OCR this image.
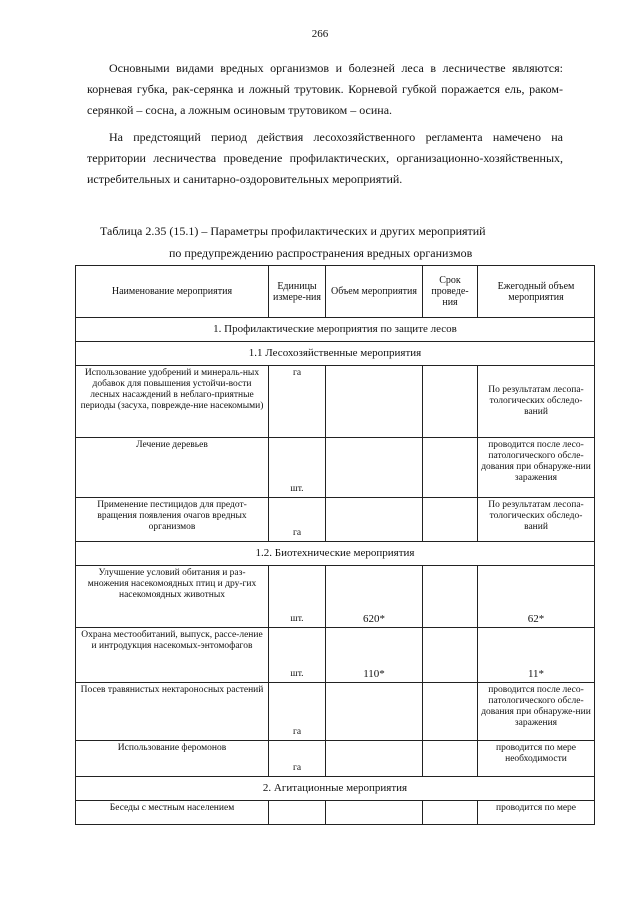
266

Основными видами вредных организмов и болезней леса в лесничестве являются: корневая губка, рак-серянка и ложный трутовик. Корневой губкой поражается ель, раком-серянкой – сосна, а ложным осиновым трутовиком – осина.

На предстоящий период действия лесохозяйственного регламента намечено на территории лесничества проведение профилактических, организационно-хозяйственных, истребительных и санитарно-оздоровительных мероприятий.

Таблица 2.35 (15.1) – Параметры профилактических и других мероприятий

по предупреждению распространения вредных организмов

Наименование мероприятия	Единицы измере-ния	Объем мероприятия	Срок проведе-ния	Ежегодный объем мероприятия
1. Профилактические мероприятия по защите лесов				
1.1 Лесохозяйственные мероприятия				
Использование удобрений и минераль-ных добавок для повышения устойчи-вости лесных насаждений в неблаго-приятные периоды (засуха, поврежде-ние насекомыми)	га			По результатам лесопа-тологических обследо-ваний
Лечение деревьев	шт.			проводится после лесо-патологического обсле-дования при обнаруже-нии заражения
Применение пестицидов для предот-вращения появления очагов вредных организмов	га			По результатам лесопа-тологических обследо-ваний
1.2. Биотехнические мероприятия				
Улучшение условий обитания и раз-множения насекомоядных птиц и дру-гих насекомоядных животных	шт.	620*		62*
Охрана местообитаний, выпуск, рассе-ление и интродукция насекомых-энтомофагов	шт.	110*		11*
Посев травянистых нектароносных растений	га			проводится после лесо-патологического обсле-дования при обнаруже-нии заражения
Использование феромонов	га			проводится по мере необходимости
2. Агитационные мероприятия				
Беседы с местным населением				проводится по мере
